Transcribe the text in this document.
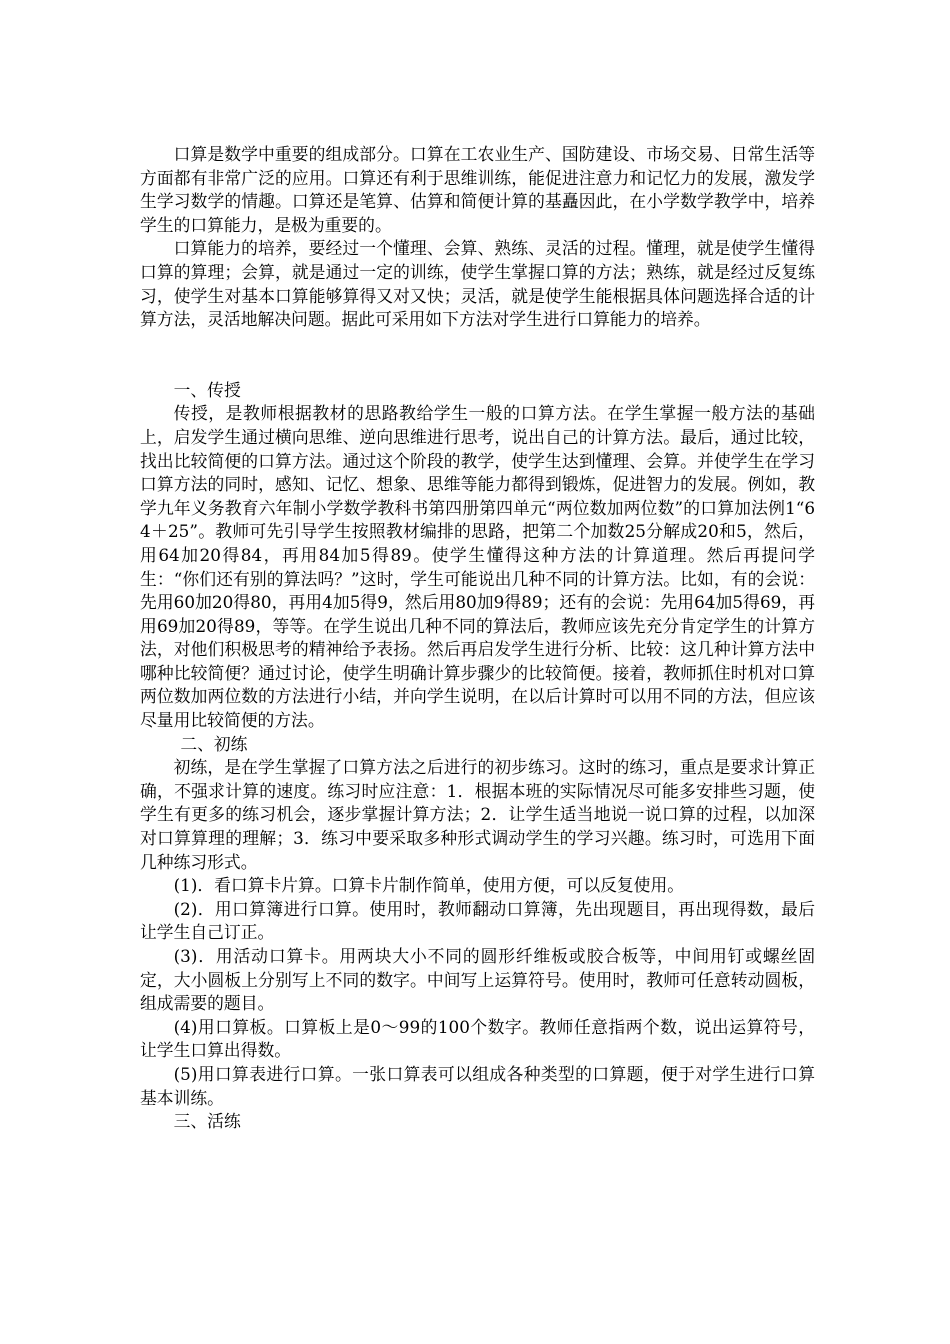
口算是数学中重要的组成部分。口算在工农业生产、国防建设、市场交易、日常生活等方面都有非常广泛的应用。口算还有利于思维训练，能促进注意力和记忆力的发展，激发学生学习数学的情趣。口算还是笔算、估算和简便计算的基矗因此，在小学数学教学中，培养学生的口算能力，是极为重要的。

口算能力的培养，要经过一个懂理、会算、熟练、灵活的过程。懂理，就是使学生懂得口算的算理；会算，就是通过一定的训练，使学生掌握口算的方法；熟练，就是经过反复练习，使学生对基本口算能够算得又对又快；灵活，就是使学生能根据具体问题选择合适的计算方法，灵活地解决问题。据此可采用如下方法对学生进行口算能力的培养。

一、传授

传授，是教师根据教材的思路教给学生一般的口算方法。在学生掌握一般方法的基础上，启发学生通过横向思维、逆向思维进行思考，说出自己的计算方法。最后，通过比较，找出比较简便的口算方法。通过这个阶段的教学，使学生达到懂理、会算。并使学生在学习口算方法的同时，感知、记忆、想象、思维等能力都得到锻炼，促进智力的发展。例如，教学九年义务教育六年制小学数学教科书第四册第四单元“两位数加两位数”的口算加法例1“64＋25”。教师可先引导学生按照教材编排的思路，把第二个加数25分解成20和5，然后，用64加20得84，再用84加5得89。使学生懂得这种方法的计算道理。然后再提问学生：“你们还有别的算法吗？”这时，学生可能说出几种不同的计算方法。比如，有的会说：先用60加20得80，再用4加5得9，然后用80加9得89；还有的会说：先用64加5得69，再用69加20得89，等等。在学生说出几种不同的算法后，教师应该先充分肯定学生的计算方法，对他们积极思考的精神给予表扬。然后再启发学生进行分析、比较：这几种计算方法中哪种比较简便？通过讨论，使学生明确计算步骤少的比较简便。接着，教师抓住时机对口算两位数加两位数的方法进行小结，并向学生说明，在以后计算时可以用不同的方法，但应该尽量用比较简便的方法。

二、初练

初练，是在学生掌握了口算方法之后进行的初步练习。这时的练习，重点是要求计算正确，不强求计算的速度。练习时应注意：1．根据本班的实际情况尽可能多安排些习题，使学生有更多的练习机会，逐步掌握计算方法；2．让学生适当地说一说口算的过程，以加深对口算算理的理解；3．练习中要采取多种形式调动学生的学习兴趣。练习时，可选用下面几种练习形式。

(1)．看口算卡片算。口算卡片制作简单，使用方便，可以反复使用。

(2)．用口算簿进行口算。使用时，教师翻动口算簿，先出现题目，再出现得数，最后让学生自己订正。

(3)．用活动口算卡。用两块大小不同的圆形纤维板或胶合板等，中间用钉或螺丝固定，大小圆板上分别写上不同的数字。中间写上运算符号。使用时，教师可任意转动圆板，组成需要的题目。

(4)用口算板。口算板上是0～99的100个数字。教师任意指两个数，说出运算符号，让学生口算出得数。

(5)用口算表进行口算。一张口算表可以组成各种类型的口算题，便于对学生进行口算基本训练。

三、活练
